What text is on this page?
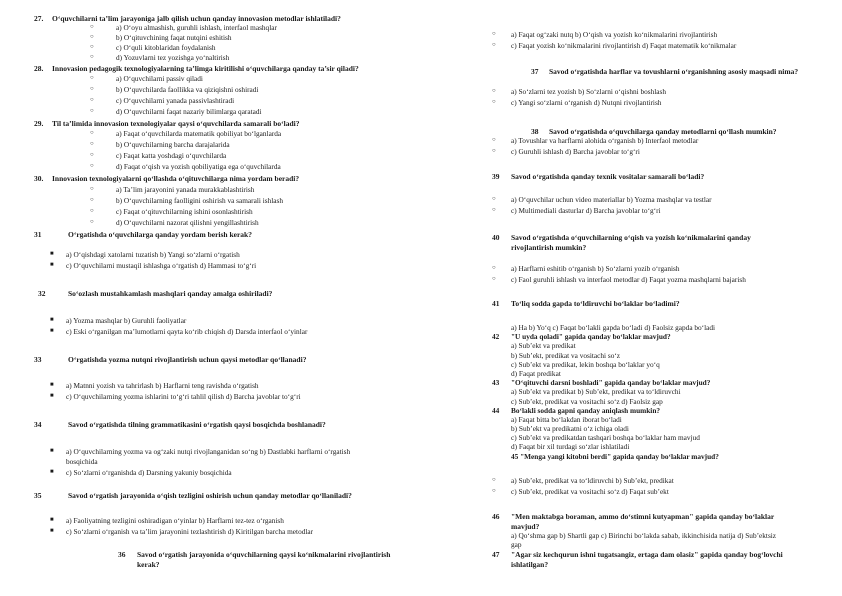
27. O‘quvchilarni ta’lim jarayoniga jalb qilish uchun qanday innovasion metodlar ishlatiladi?
○	a) O‘oyu almashish, guruhli ishlash, interfaol mashqlar
○	b) O‘qituvchining faqat nutqini eshitish
○	c) O‘quli kitoblaridan foydalanish
○	d) Yozuvlarni tez yozishga yo‘naltirish
28. Innovasion pedagogik texnologiyalarning ta’limga kiritilishi o‘quvchilarga qanday ta’sir qiladi?
○	a) O‘quvchilarni passiv qiladi
○	b) O‘quvchilarda faollikka va qiziqishni oshiradi
○	c) O‘quvchilarni yanada passivlashtiradi
○	d) O‘quvchilarni faqat nazariy bilimlarga qaratadi
29. Til ta’limida innovasion texnologiyalar qaysi o‘quvchilarda samarali bo‘ladi?
○	a) Faqat o‘quvchilarda matematik qobiliyat bo‘lganlarda
○	b) O‘quvchilarning barcha darajalarida
○	c) Faqat katta yoshdagi o‘quvchilarda
○	d) Faqat o‘qish va yozish qobiliyatiga ega o‘quvchilarda
30. Innovasion texnologiyalarni qo‘llashda o‘qituvchilarga nima yordam beradi?
○	a) Ta’lim jarayonini yanada murakkablashtirish
○	b) O‘quvchilarning faolligini oshirish va samarali ishlash
○	c) Faqat o‘qituvchilarning ishini osonlashtirish
○	d) O‘quvchilarni nazorat qilishni yengillashtirish
31	O‘rgatishda o‘quvchilarga qanday yordam berish kerak?
■ a) O‘qishdagi xatolarni tuzatish b) Yangi so‘zlarni o‘rgatish
■ c) O‘quvchilarni mustaqil ishlashga o‘rgatish d) Hammasi to‘g‘ri
32	So‘ozlash mustahkamlash mashqlari qanday amalga oshiriladi?
■ a) Yozma mashqlar b) Guruhli faoliyatlar
■ c) Eski o‘rganilgan ma’lumotlarni qayta ko‘rib chiqish d) Darsda interfaol o‘yinlar
33	O‘rgatishda yozma nutqni rivojlantirish uchun qaysi metodlar qo‘llanadi?
■ a) Matnni yozish va tahrirlash b) Harflarni teng ravishda o‘rgatish
■ c) O‘quvchilarning yozma ishlarini to‘g‘ri tahlil qilish d) Barcha javoblar to‘g‘ri
34	Savod o‘rgatishda tilning grammatikasini o‘rgatish qaysi bosqichda boshlanadi?
■ a) O‘quvchilarning yozma va og‘zaki nutqi rivojlanganidan so‘ng b) Dastlabki harflarni o‘rgatish
bosqichida
■ c) So‘zlarni o‘rganishda d) Darsning yakuniy bosqichida
35	Savod o‘rgatish jarayonida o‘qish tezligini oshirish uchun qanday metodlar qo‘llaniladi?
■ a) Faoliyatning tezligini oshiradigan o‘yinlar b) Harflarni tez-tez o‘rganish
■ c) So‘zlarni o‘rganish va ta’lim jarayonini tezlashtirish d) Kiritilgan barcha metodlar
36 Savod o‘rgatish jarayonida o‘quvchilarning qaysi ko‘nikmalarini rivojlantirish
kerak?
○ a) Faqat og‘zaki nutq b) O‘qish va yozish ko‘nikmalarini rivojlantirish
○ c) Faqat yozish ko‘nikmalarini rivojlantirish d) Faqat matematik ko‘nikmalar
37 Savod o‘rgatishda harflar va tovushlarni o‘rganishning asosiy maqsadi nima?
○ a) So‘zlarni tez yozish b) So‘zlarni o‘qishni boshlash
○ c) Yangi so‘zlarni o‘rganish d) Nutqni rivojlantirish
38 Savod o‘rgatishda o‘quvchilarga qanday metodlarni qo‘llash mumkin?
○ a) Tovushlar va harflarni alohida o‘rganish b) Interfaol metodlar
○ c) Guruhli ishlash d) Barcha javoblar to‘g‘ri
39 Savod o‘rgatishda qanday texnik vositalar samarali bo‘ladi?
○ a) O‘quvchilar uchun video materiallar b) Yozma mashqlar va testlar
○ c) Multimediali dasturlar d) Barcha javoblar to‘g‘ri
40 Savod o‘rgatishda o‘quvchilarning o‘qish va yozish ko‘nikmalarini qanday
rivojlantirish mumkin?
○ a) Harflarni eshitib o‘rganish b) So‘zlarni yozib o‘rganish
○ c) Faol guruhli ishlash va interfaol metodlar d) Faqat yozma mashqlarni bajarish
41 To‘liq sodda gapda to‘ldiruvchi bo‘laklar bo‘ladimi?
a) Ha b) Yo‘q c) Faqat bo‘lakli gapda bo‘ladi d) Faolsiz gapda bo‘ladi
42 "U uyda qoladi" gapida qanday bo‘laklar mavjud?
a) Sub’ekt va predikat
b) Sub’ekt, predikat va vositachi so‘z
c) Sub’ekt va predikat, lekin boshqa bo‘laklar yo‘q
d) Faqat predikat
43 "O‘qituvchi darsni boshladi" gapida qanday bo‘laklar mavjud?
a) Sub’ekt va predikat b) Sub’ekt, predikat va to‘ldiruvchi
c) Sub’ekt, predikat va vositachi so‘z d) Faolsiz gap
44 Bo‘lakli sodda gapni qanday aniqlash mumkin?
a) Faqat bitta bo‘lakdan iborat bo‘ladi
b) Sub’ekt va predikatni o‘z ichiga oladi
c) Sub’ekt va predikatdan tashqari boshqa bo‘laklar ham mavjud
d) Faqat bir xil turdagi so‘zlar ishlatiladi
45 "Menga yangi kitobni berdi" gapida qanday bo‘laklar mavjud?
○ a) Sub’ekt, predikat va to‘ldiruvchi b) Sub’ekt, predikat
○ c) Sub’ekt, predikat va vositachi so‘z d) Faqat sub’ekt
46 "Men maktabga boraman, ammo do‘stimni kutyapman" gapida qanday bo‘laklar
mavjud?
a) Qo‘shma gap b) Shartli gap c) Birinchi bo‘lakda sabab, ikkinchisida natija d) Sub’ektsiz
gap
47 "Agar siz kechqurun ishni tugatsangiz, ertaga dam olasiz" gapida qanday bog‘lovchi
ishlatilgan?
